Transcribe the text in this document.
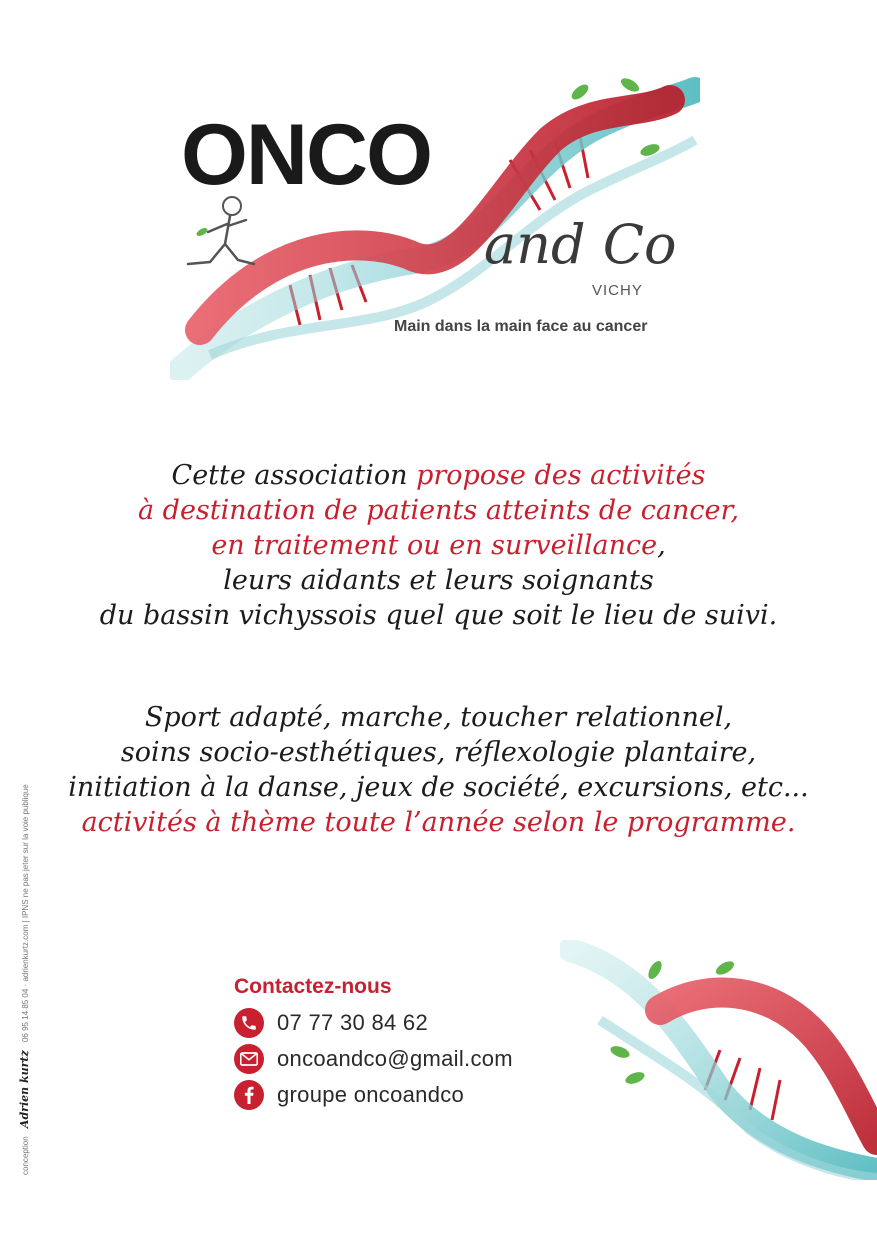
ONCO
and Co
VICHY
Main dans la main face au cancer
Cette association propose des activités
à destination de patients atteints de cancer,
en traitement ou en surveillance,
leurs aidants et leurs soignants
du bassin vichyssois quel que soit le lieu de suivi.
Sport adapté, marche, toucher relationnel,
soins socio-esthétiques, réflexologie plantaire,
initiation à la danse, jeux de société, excursions, etc...
activités à thème toute l’année selon le programme.
Contactez-nous
07 77 30 84 62
oncoandco@gmail.com
groupe oncoandco
conception Adrien kurtz 06 95 14 85 04 · adrienkurtz.com | IPNS ne pas jeter sur la voie publique
